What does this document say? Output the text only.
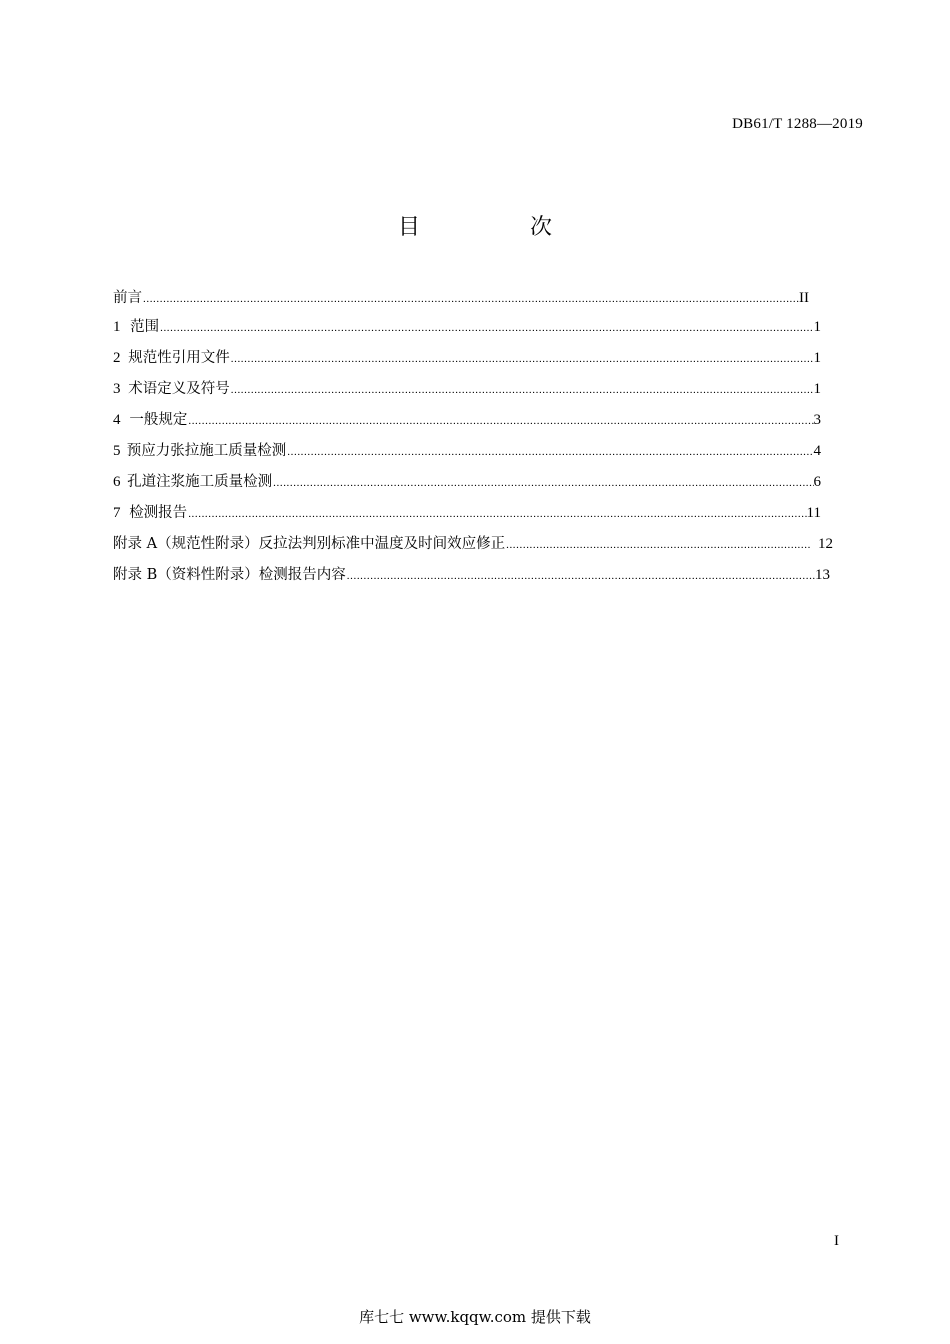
DB61/T 1288—2019
目　次
前言 .....	II
1 范围 .....	1
2 规范性引用文件 .....	1
3 术语定义及符号 .....	1
4 一般规定 .....	3
5 预应力张拉施工质量检测 .....	4
6 孔道注浆施工质量检测 .....	6
7 检测报告 .....	11
附录 A（规范性附录） 反拉法判别标准中温度及时间效应修正 .....	12
附录 B（资料性附录） 检测报告内容 .....	13
I
库七七 www.kqqw.com 提供下载
